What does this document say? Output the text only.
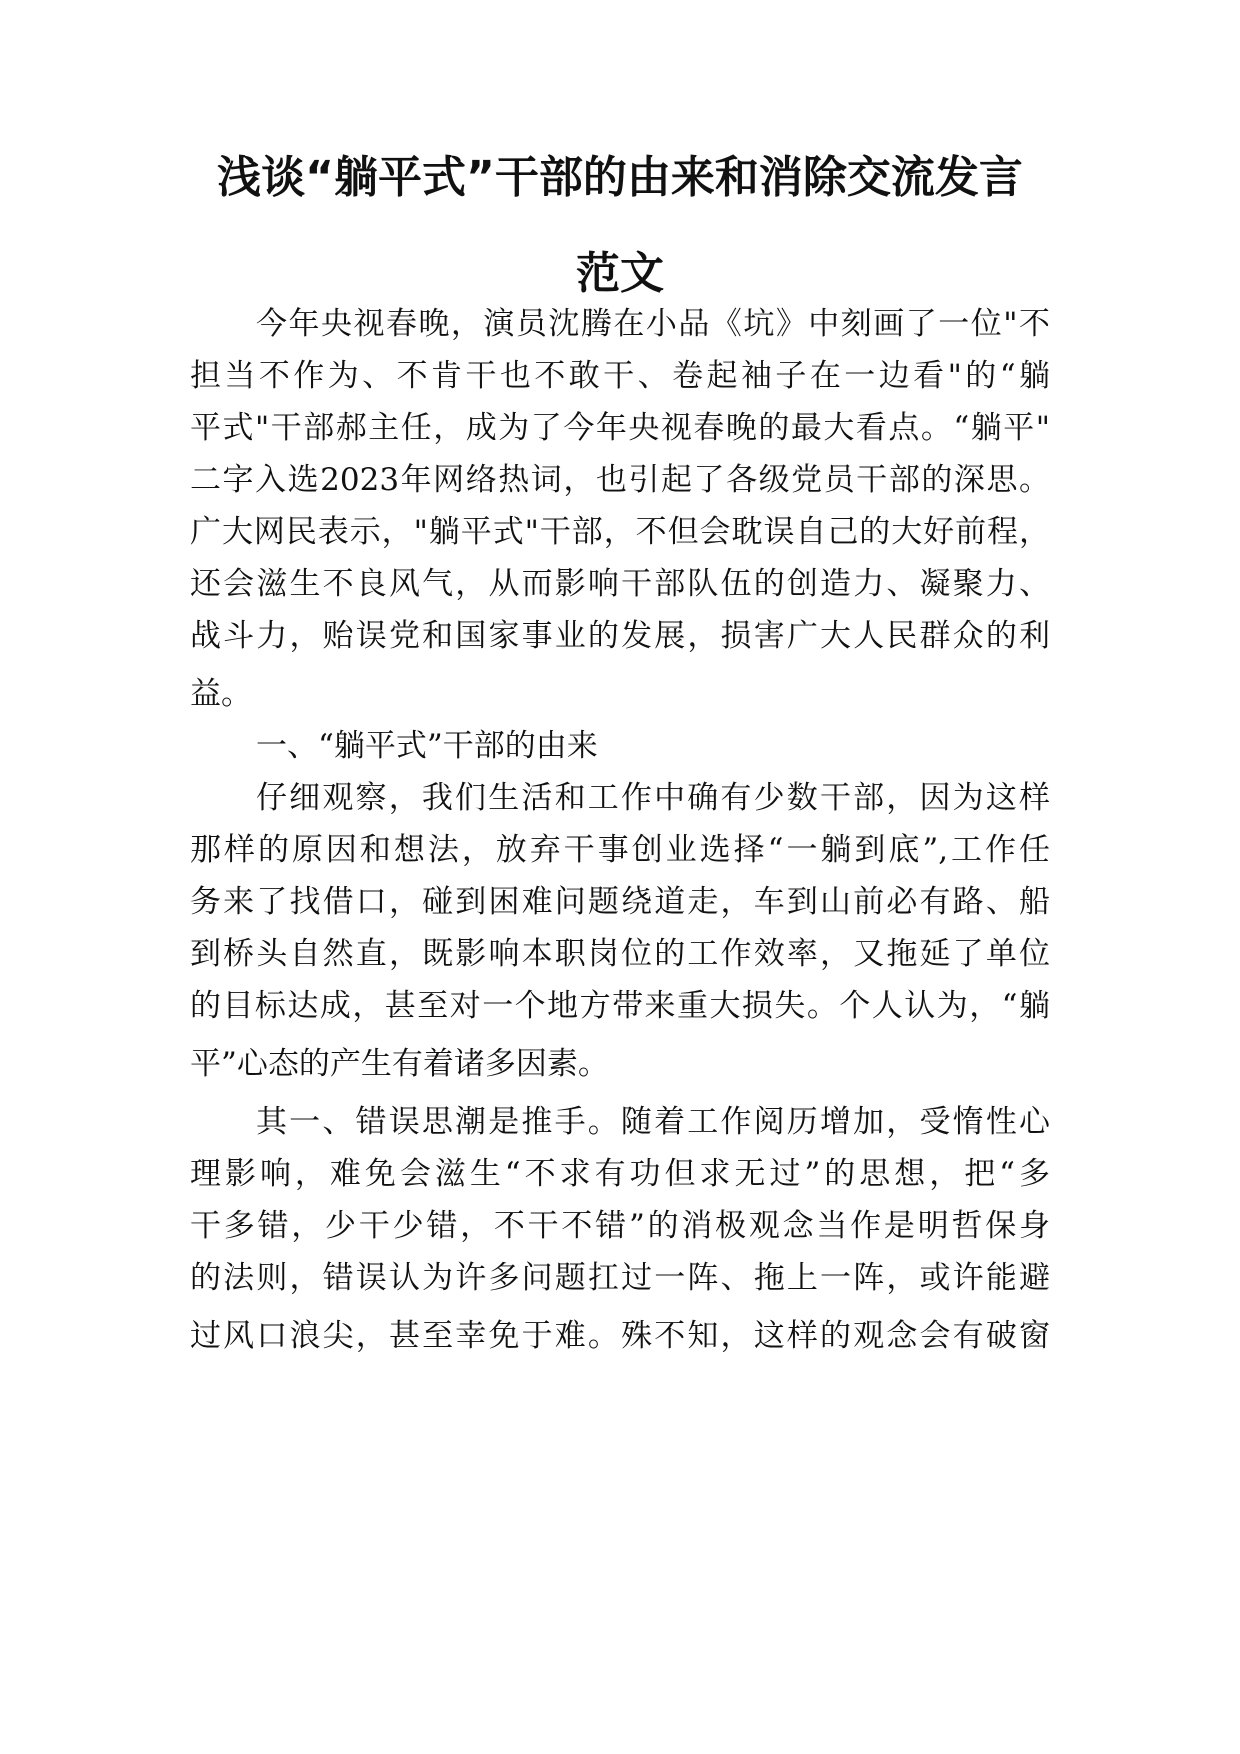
浅谈“躺平式”干部的由来和消除交流发言
范文
今年央视春晚，演员沈腾在小品《坑》中刻画了一位"不
担当不作为、不肯干也不敢干、卷起袖子在一边看"的“躺
平式"干部郝主任，成为了今年央视春晚的最大看点。“躺平"
二字入选2023年网络热词，也引起了各级党员干部的深思。
广大网民表示，"躺平式"干部，不但会耽误自己的大好前程，
还会滋生不良风气，从而影响干部队伍的创造力、凝聚力、
战斗力，贻误党和国家事业的发展，损害广大人民群众的利
益。
一、“躺平式”干部的由来
仔细观察，我们生活和工作中确有少数干部，因为这样
那样的原因和想法，放弃干事创业选择“一躺到底”,工作任
务来了找借口，碰到困难问题绕道走，车到山前必有路、船
到桥头自然直，既影响本职岗位的工作效率，又拖延了单位
的目标达成，甚至对一个地方带来重大损失。个人认为，“躺
平”心态的产生有着诸多因素。
其一、错误思潮是推手。随着工作阅历增加，受惰性心
理影响，难免会滋生“不求有功但求无过”的思想，把“多
干多错，少干少错，不干不错”的消极观念当作是明哲保身
的法则，错误认为许多问题扛过一阵、拖上一阵，或许能避
过风口浪尖，甚至幸免于难。殊不知，这样的观念会有破窗
